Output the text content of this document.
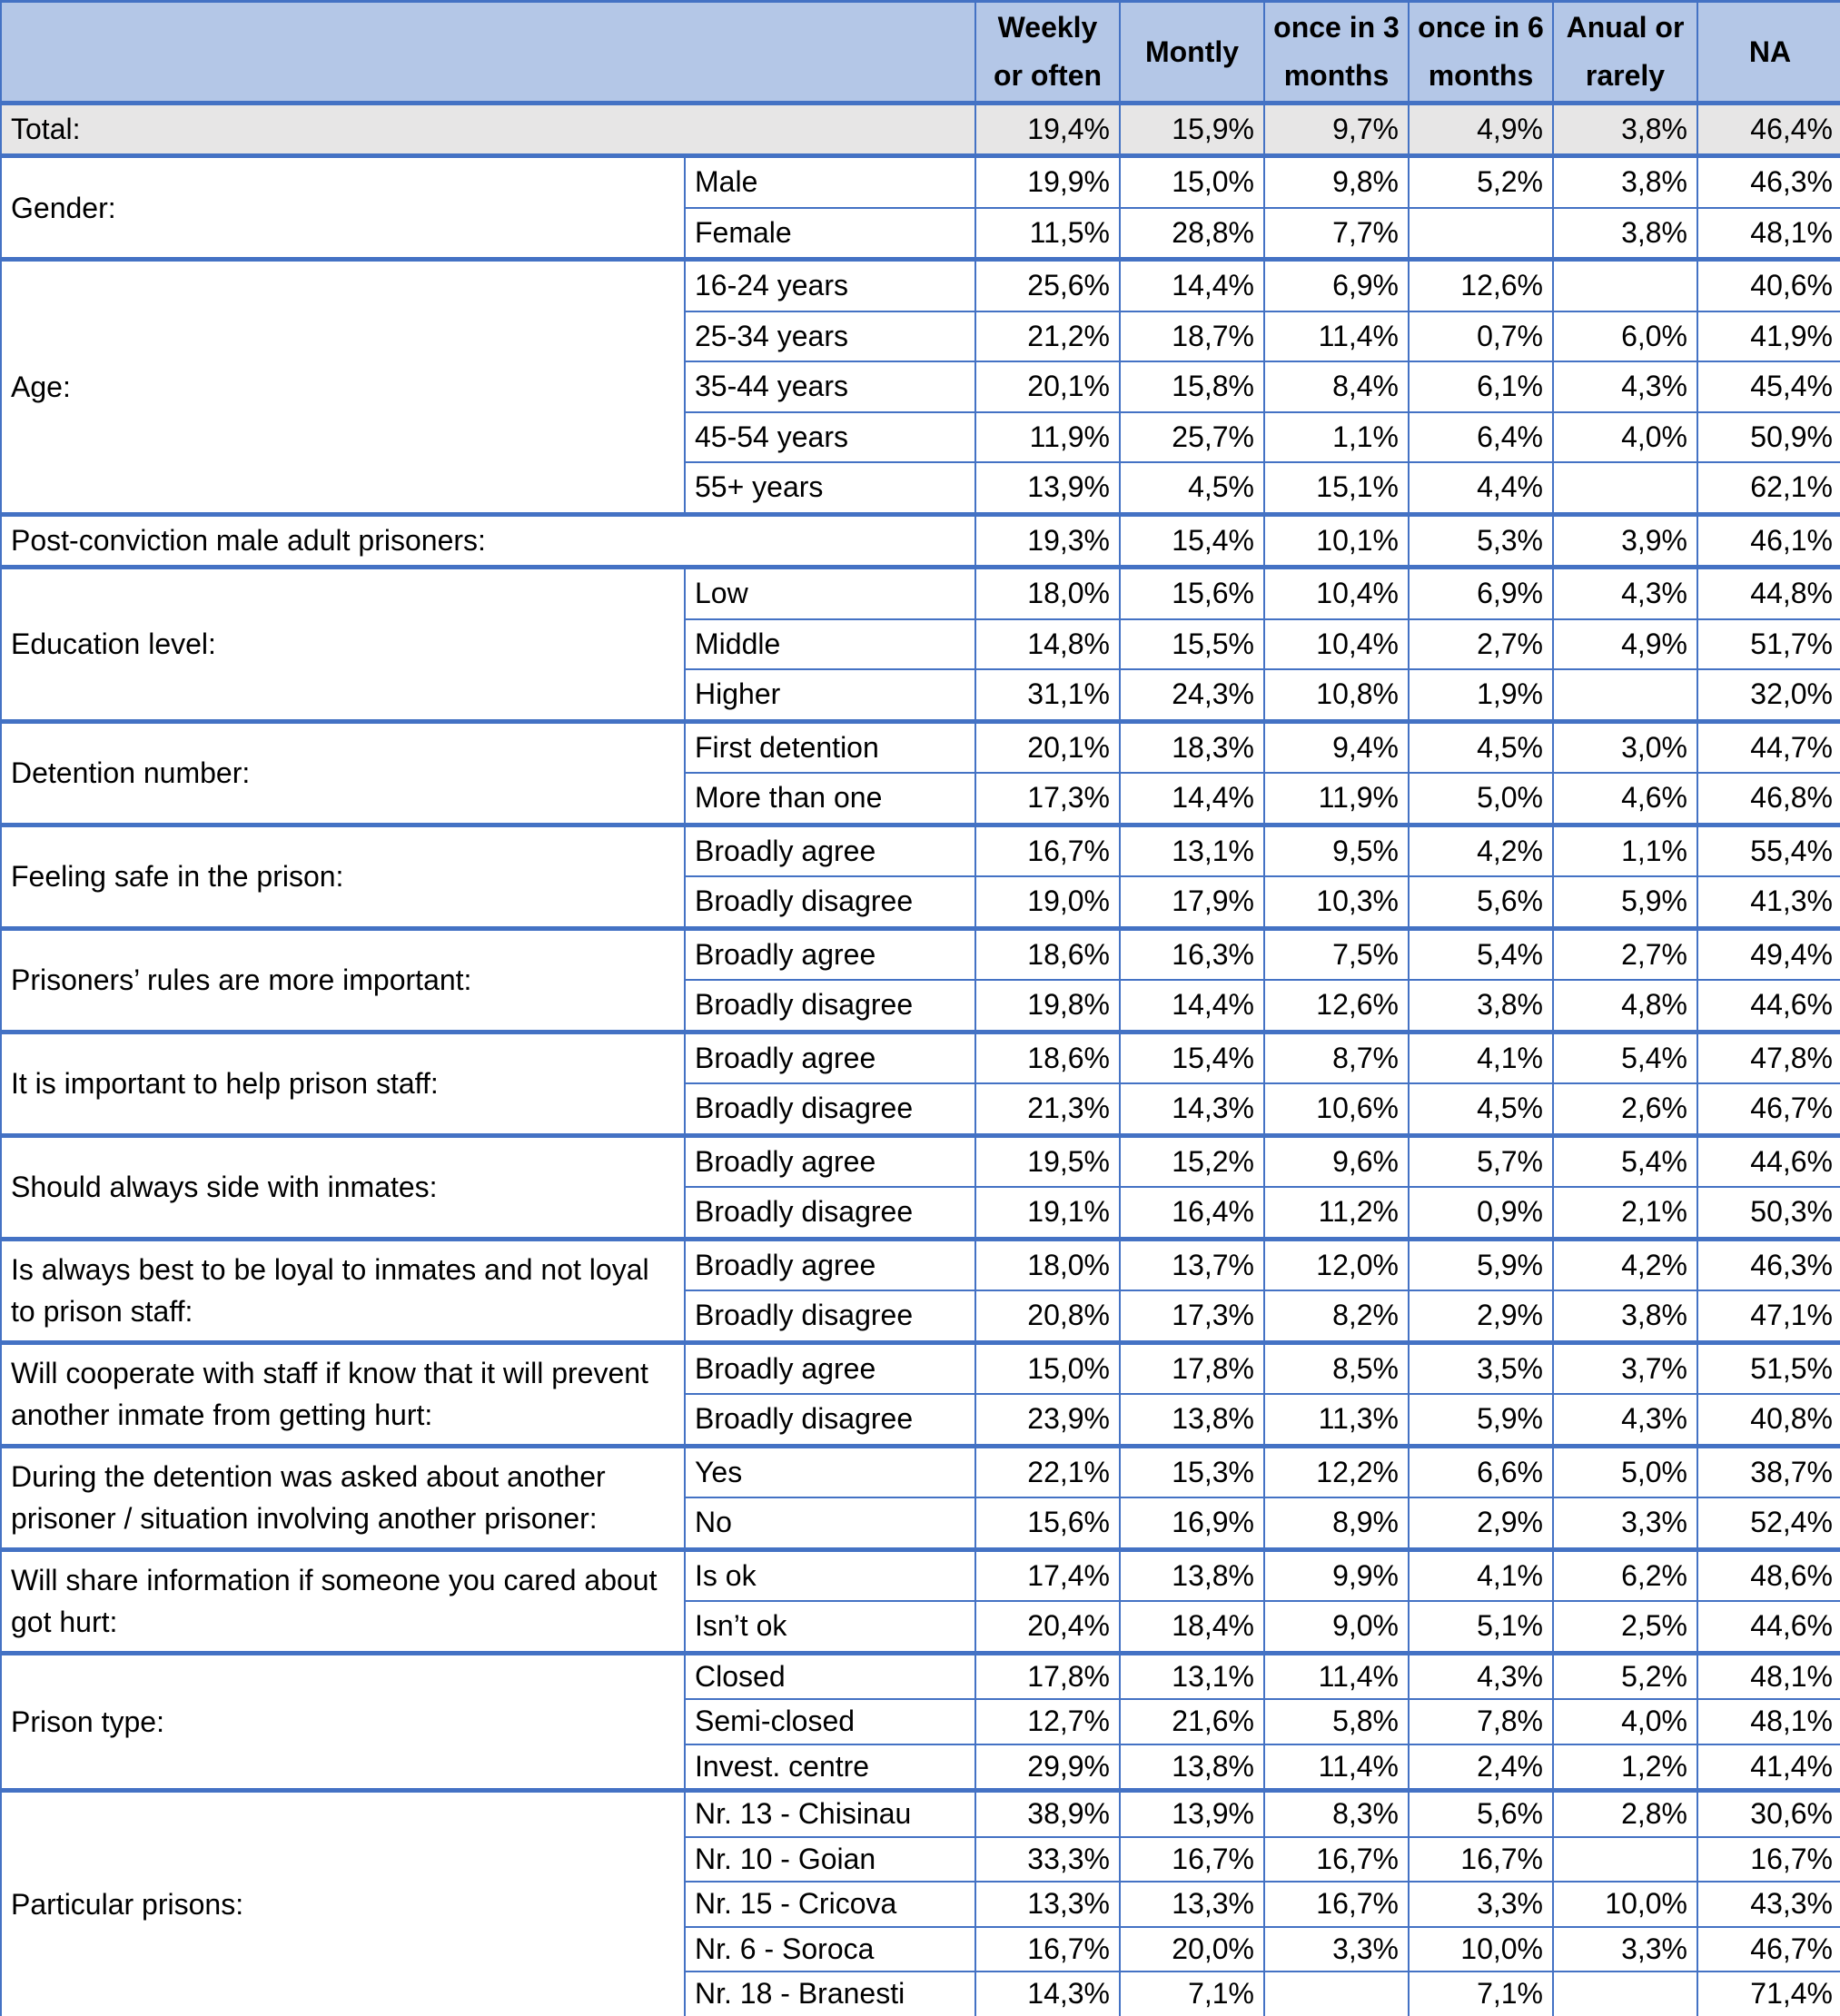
		Weekly or often	Montly	once in 3 months	once in 6 months	Anual or rarely	NA
Total:		19,4%	15,9%	9,7%	4,9%	3,8%	46,4%
Gender:	Male	19,9%	15,0%	9,8%	5,2%	3,8%	46,3%
	Female	11,5%	28,8%	7,7%		3,8%	48,1%
Age:	16-24 years	25,6%	14,4%	6,9%	12,6%		40,6%
	25-34 years	21,2%	18,7%	11,4%	0,7%	6,0%	41,9%
	35-44 years	20,1%	15,8%	8,4%	6,1%	4,3%	45,4%
	45-54 years	11,9%	25,7%	1,1%	6,4%	4,0%	50,9%
	55+ years	13,9%	4,5%	15,1%	4,4%		62,1%
Post-conviction male adult prisoners:		19,3%	15,4%	10,1%	5,3%	3,9%	46,1%
Education level:	Low	18,0%	15,6%	10,4%	6,9%	4,3%	44,8%
	Middle	14,8%	15,5%	10,4%	2,7%	4,9%	51,7%
	Higher	31,1%	24,3%	10,8%	1,9%		32,0%
Detention number:	First detention	20,1%	18,3%	9,4%	4,5%	3,0%	44,7%
	More than one	17,3%	14,4%	11,9%	5,0%	4,6%	46,8%
Feeling safe in the prison:	Broadly agree	16,7%	13,1%	9,5%	4,2%	1,1%	55,4%
	Broadly disagree	19,0%	17,9%	10,3%	5,6%	5,9%	41,3%
Prisoners’ rules are more important:	Broadly agree	18,6%	16,3%	7,5%	5,4%	2,7%	49,4%
	Broadly disagree	19,8%	14,4%	12,6%	3,8%	4,8%	44,6%
It is important to help prison staff:	Broadly agree	18,6%	15,4%	8,7%	4,1%	5,4%	47,8%
	Broadly disagree	21,3%	14,3%	10,6%	4,5%	2,6%	46,7%
Should always side with inmates:	Broadly agree	19,5%	15,2%	9,6%	5,7%	5,4%	44,6%
	Broadly disagree	19,1%	16,4%	11,2%	0,9%	2,1%	50,3%
Is always best to be loyal to inmates and not loyal to prison staff:	Broadly agree	18,0%	13,7%	12,0%	5,9%	4,2%	46,3%
	Broadly disagree	20,8%	17,3%	8,2%	2,9%	3,8%	47,1%
Will cooperate with staff if know that it will prevent another inmate from getting hurt:	Broadly agree	15,0%	17,8%	8,5%	3,5%	3,7%	51,5%
	Broadly disagree	23,9%	13,8%	11,3%	5,9%	4,3%	40,8%
During the detention was asked about another prisoner / situation involving another prisoner:	Yes	22,1%	15,3%	12,2%	6,6%	5,0%	38,7%
	No	15,6%	16,9%	8,9%	2,9%	3,3%	52,4%
Will share information if someone you cared about got hurt:	Is ok	17,4%	13,8%	9,9%	4,1%	6,2%	48,6%
	Isn’t ok	20,4%	18,4%	9,0%	5,1%	2,5%	44,6%
Prison type:	Closed	17,8%	13,1%	11,4%	4,3%	5,2%	48,1%
	Semi-closed	12,7%	21,6%	5,8%	7,8%	4,0%	48,1%
	Invest. centre	29,9%	13,8%	11,4%	2,4%	1,2%	41,4%
Particular prisons:	Nr. 13 - Chisinau	38,9%	13,9%	8,3%	5,6%	2,8%	30,6%
	Nr. 10 - Goian	33,3%	16,7%	16,7%	16,7%		16,7%
	Nr. 15 - Cricova	13,3%	13,3%	16,7%	3,3%	10,0%	43,3%
	Nr. 6 - Soroca	16,7%	20,0%	3,3%	10,0%	3,3%	46,7%
	Nr. 18 - Branesti	14,3%	7,1%		7,1%		71,4%
